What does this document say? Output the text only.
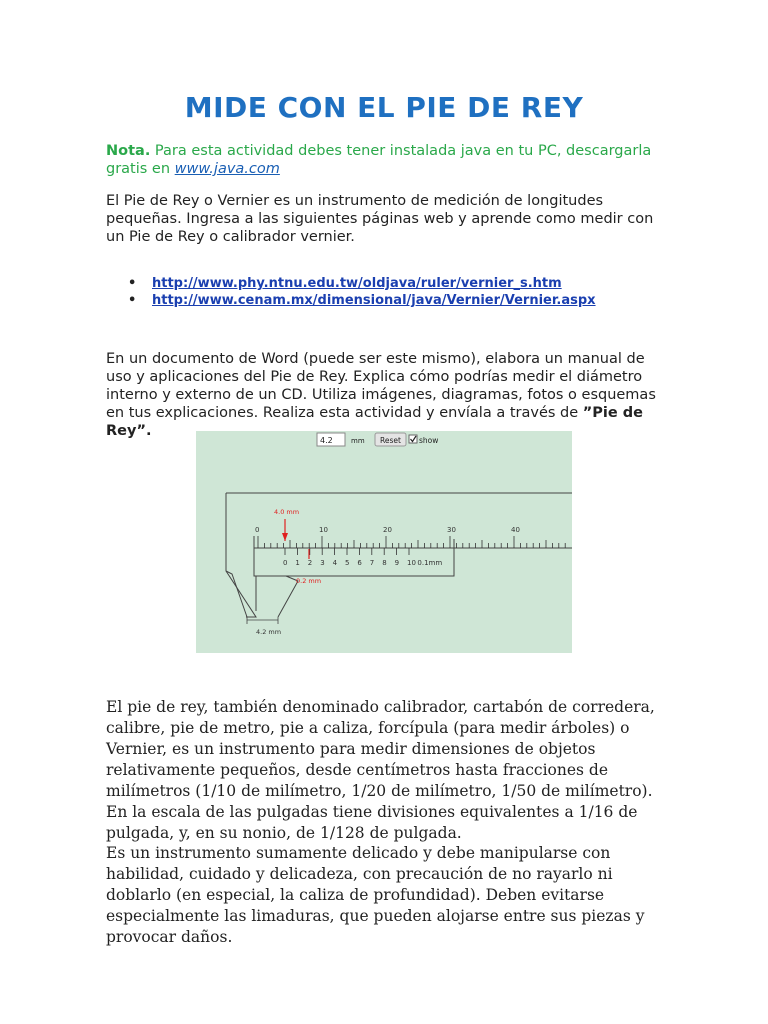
MIDE CON EL PIE DE REY
Nota. Para esta actividad debes tener instalada java en tu PC, descargarla gratis en www.java.com
El Pie de Rey o Vernier es un instrumento de medición de longitudes pequeñas. Ingresa a las siguientes páginas web y aprende como medir con un Pie de Rey o calibrador vernier.
• http://www.phy.ntnu.edu.tw/oldjava/ruler/vernier_s.htm
• http://www.cenam.mx/dimensional/java/Vernier/Vernier.aspx
En un documento de Word (puede ser este mismo), elabora un manual de uso y aplicaciones del Pie de Rey. Explica cómo podrías medir el diámetro interno y externo de un CD. Utiliza imágenes, diagramas, fotos o esquemas en tus explicaciones. Realiza esta actividad y envíala a través de ”Pie de Rey”.
4.2	mm Reset show
0	10	20	30	40
0 1 2 3 4 5 6 7 8 9 10 0.1mm
4.0 mm
0.2 mm
4.2 mm
El pie de rey, también denominado calibrador, cartabón de corredera, calibre, pie de metro, pie a caliza, forcípula (para medir árboles) o Vernier, es un instrumento para medir dimensiones de objetos relativamente pequeños, desde centímetros hasta fracciones de milímetros (1/10 de milímetro, 1/20 de milímetro, 1/50 de milímetro). En la escala de las pulgadas tiene divisiones equivalentes a 1/16 de pulgada, y, en su nonio, de 1/128 de pulgada.
Es un instrumento sumamente delicado y debe manipularse con habilidad, cuidado y delicadeza, con precaución de no rayarlo ni doblarlo (en especial, la caliza de profundidad). Deben evitarse especialmente las limaduras, que pueden alojarse entre sus piezas y provocar daños.
